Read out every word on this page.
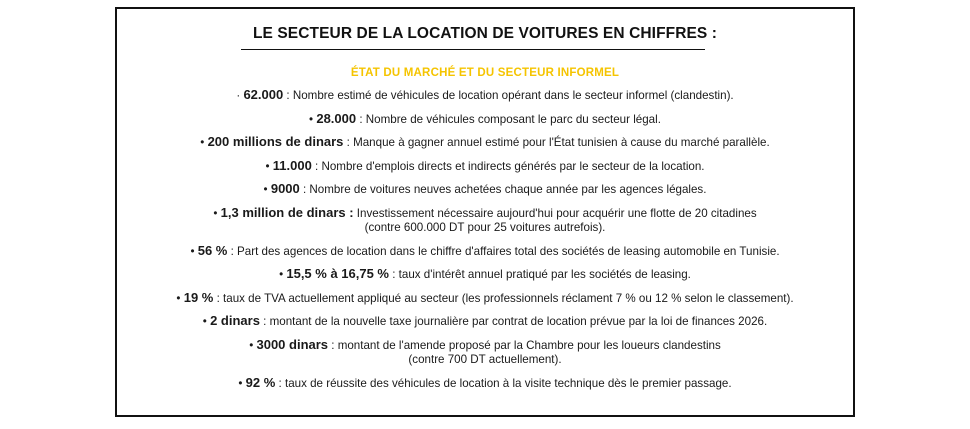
LE SECTEUR DE LA LOCATION DE VOITURES EN CHIFFRES :
ÉTAT DU MARCHÉ ET DU SECTEUR INFORMEL
· 62.000 : Nombre estimé de véhicules de location opérant dans le secteur informel (clandestin).
• 28.000 : Nombre de véhicules composant le parc du secteur légal.
• 200 millions de dinars : Manque à gagner annuel estimé pour l'État tunisien à cause du marché parallèle.
• 11.000 : Nombre d'emplois directs et indirects générés par le secteur de la location.
• 9000 : Nombre de voitures neuves achetées chaque année par les agences légales.
• 1,3 million de dinars : Investissement nécessaire aujourd'hui pour acquérir une flotte de 20 citadines
(contre 600.000 DT pour 25 voitures autrefois).
• 56 % : Part des agences de location dans le chiffre d'affaires total des sociétés de leasing automobile en Tunisie.
• 15,5 % à 16,75 % : taux d'intérêt annuel pratiqué par les sociétés de leasing.
• 19 % : taux de TVA actuellement appliqué au secteur (les professionnels réclament 7 % ou 12 % selon le classement).
• 2 dinars : montant de la nouvelle taxe journalière par contrat de location prévue par la loi de finances 2026.
• 3000 dinars : montant de l'amende proposé par la Chambre pour les loueurs clandestins
(contre 700 DT actuellement).
• 92 % : taux de réussite des véhicules de location à la visite technique dès le premier passage.
